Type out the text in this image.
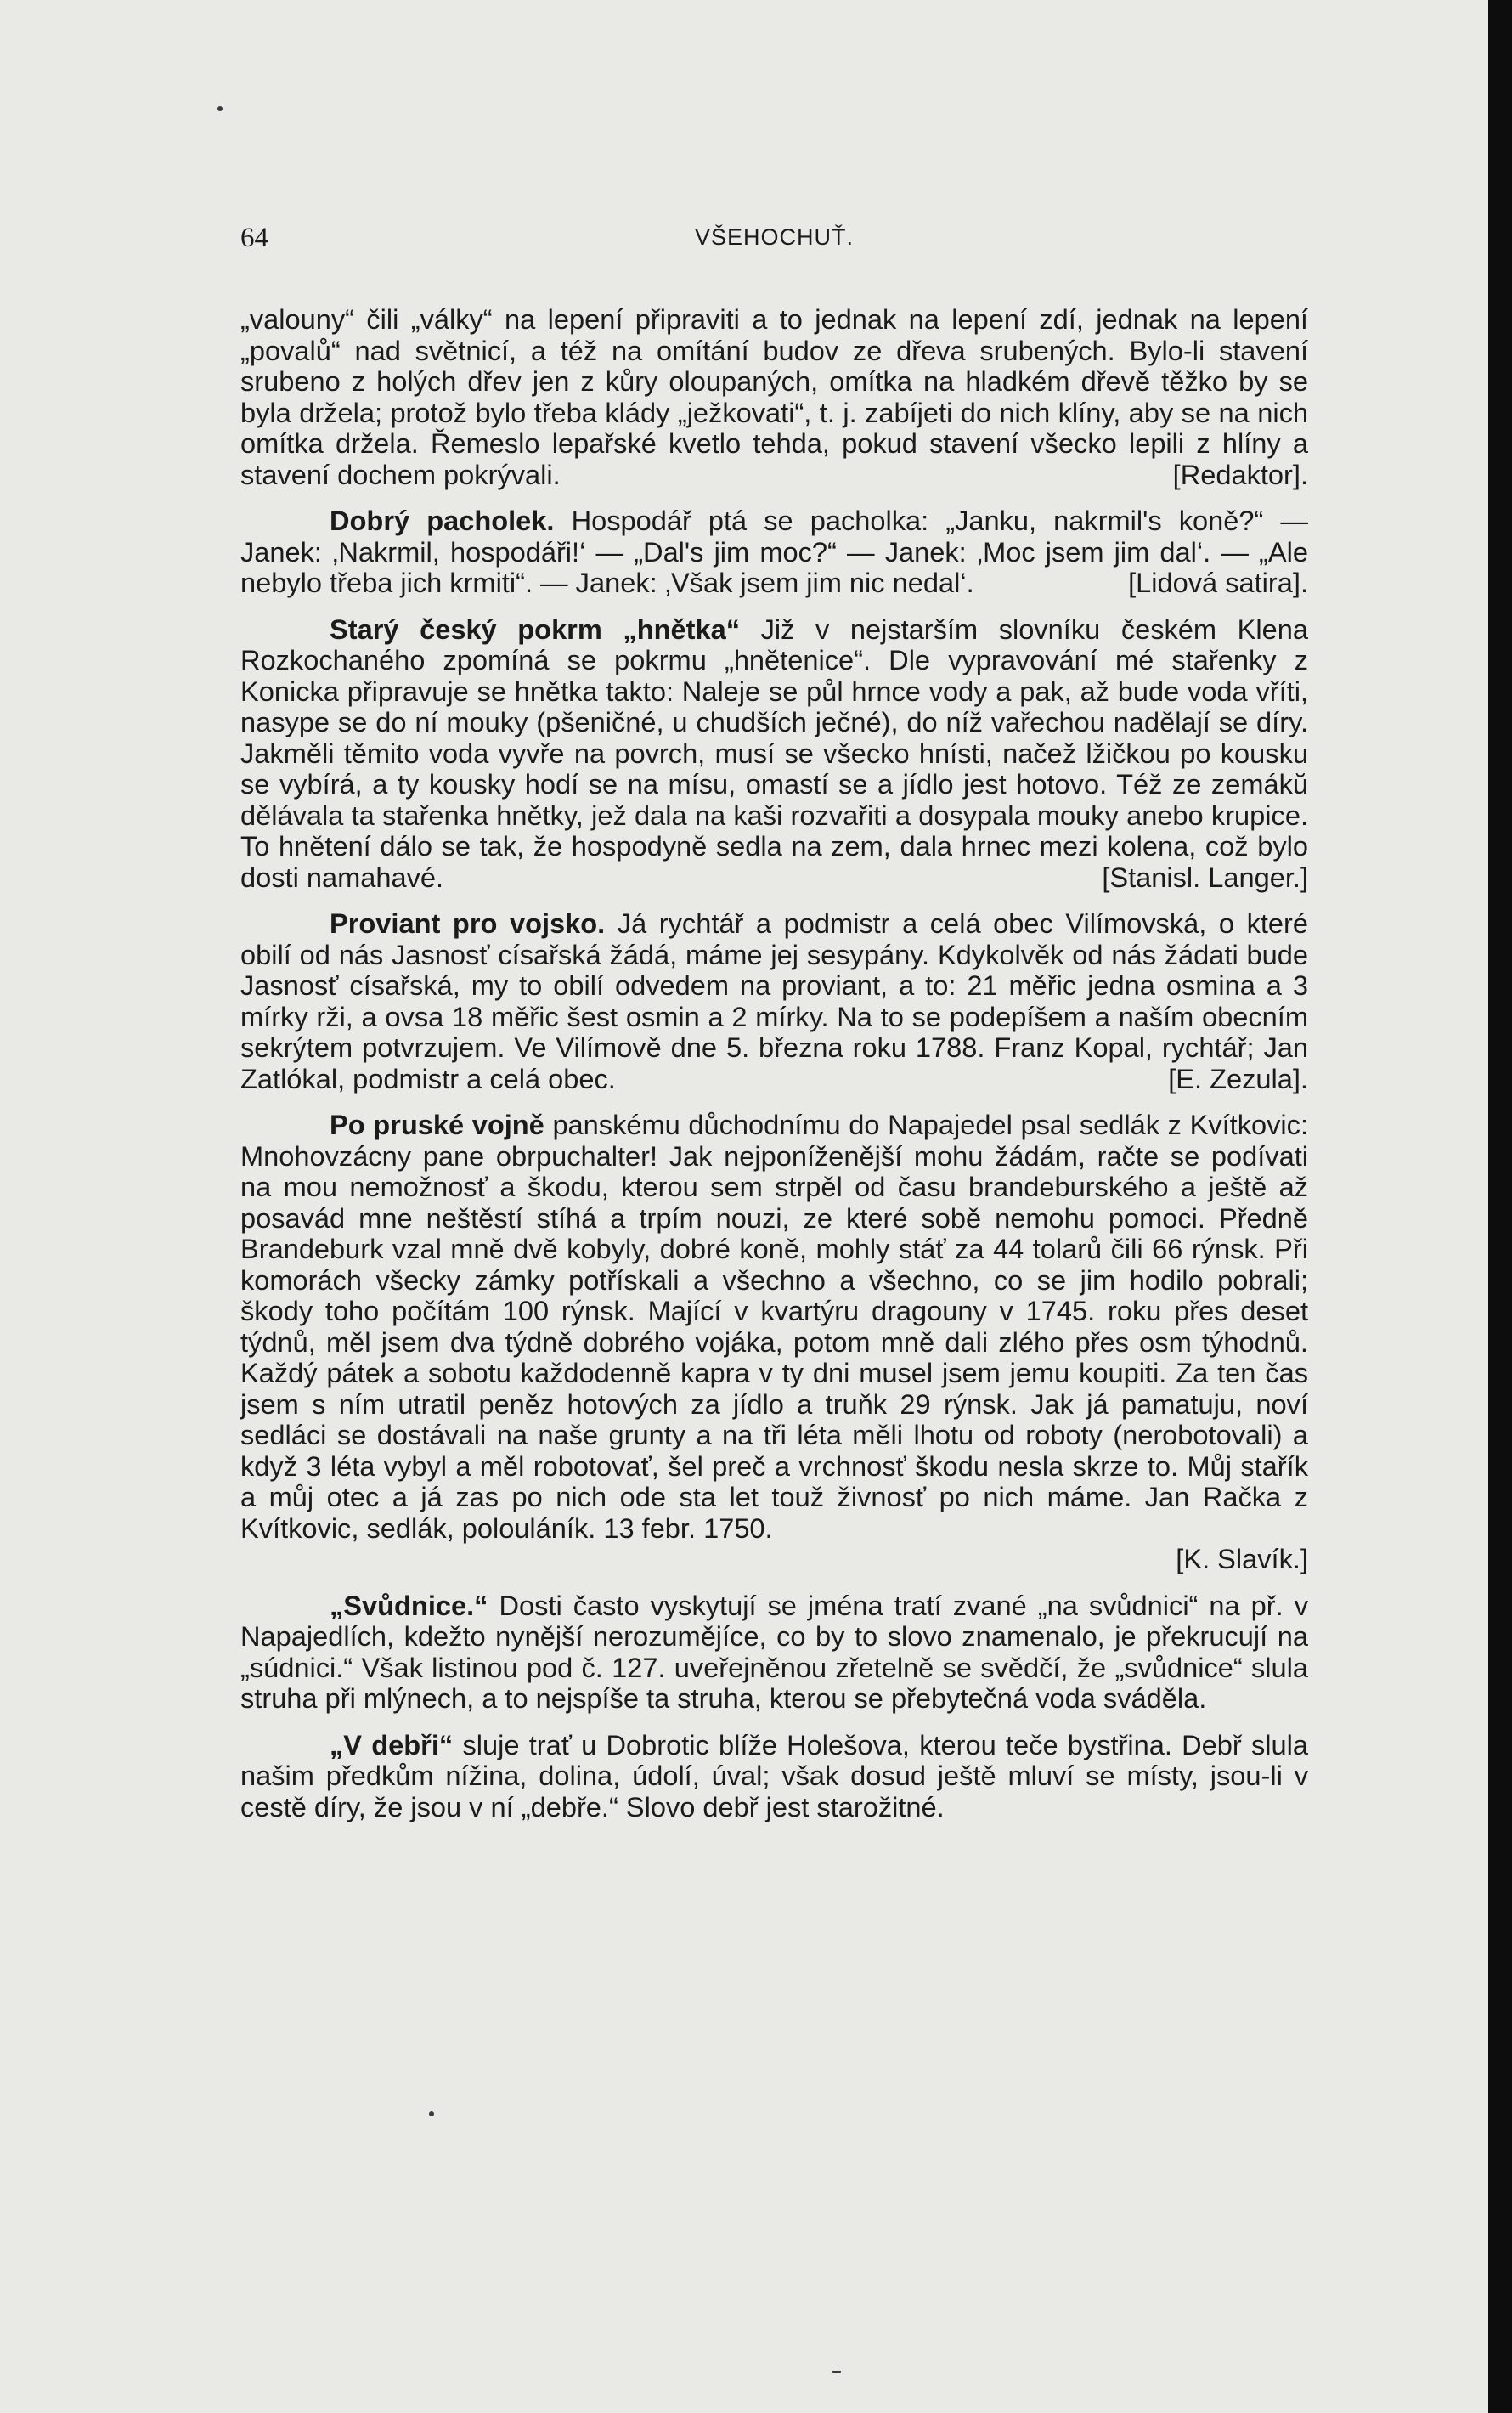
64	VŠEHOCHUŤ.

„valouny“ čili „války“ na lepení připraviti a to jednak na lepení zdí, jednak na lepení „povalů“ nad světnicí, a též na omítání budov ze dřeva srubených. Bylo-li stavení srubeno z holých dřev jen z kůry oloupaných, omítka na hladkém dřevě těžko by se byla držela; protož bylo třeba klády „ježkovati“, t. j. zabíjeti do nich klíny, aby se na nich omítka držela. Řemeslo lepařské kvetlo tehda, pokud stavení všecko lepili z hlíny a stavení dochem pokrývali.	[Redaktor].

Dobrý pacholek. Hospodář ptá se pacholka: „Janku, nakrmil's koně?“ — Janek: ‚Nakrmil, hospodáři!‘ — „Dal's jim moc?“ — Janek: ‚Moc jsem jim dal‘. — „Ale nebylo třeba jich krmiti“. — Janek: ‚Však jsem jim nic nedal‘.	[Lidová satira].

Starý český pokrm „hnětka“ Již v nejstarším slovníku českém Klena Rozkochaného zpomíná se pokrmu „hnětenice“. Dle vypravování mé stařenky z Konicka připravuje se hnětka takto: Naleje se půl hrnce vody a pak, až bude voda vříti, nasype se do ní mouky (pšeničné, u chudších ječné), do níž vařechou nadělají se díry. Jakměli těmito voda vyvře na povrch, musí se všecko hnísti, načež lžičkou po kousku se vybírá, a ty kousky hodí se na mísu, omastí se a jídlo jest hotovo. Též ze zemákŭ dělávala ta stařenka hnětky, jež dala na kaši rozvařiti a dosypala mouky anebo krupice. To hnětení dálo se tak, že hospodyně sedla na zem, dala hrnec mezi kolena, což bylo dosti namahavé.	[Stanisl. Langer.]

Proviant pro vojsko. Já rychtář a podmistr a celá obec Vilímovská, o které obilí od nás Jasnosť císařská žádá, máme jej sesypány. Kdykolvěk od nás žádati bude Jasnosť císařská, my to obilí odvedem na proviant, a to: 21 měřic jedna osmina a 3 mírky rži, a ovsa 18 měřic šest osmin a 2 mírky. Na to se podepíšem a naším obecním sekrýtem potvrzujem. Ve Vilímově dne 5. března roku 1788. Franz Kopal, rychtář; Jan Zatlókal, podmistr a celá obec.	[E. Zezula].

Po pruské vojně panskému důchodnímu do Napajedel psal sedlák z Kvítkovic: Mnohovzácny pane obrpuchalter! Jak nejponíženější mohu žádám, račte se podívati na mou nemožnosť a škodu, kterou sem strpěl od času brandeburského a ještě až posavád mne neštěstí stíhá a trpím nouzi, ze které sobě nemohu pomoci. Předně Brandeburk vzal mně dvě kobyly, dobré koně, mohly stáť za 44 tolarů čili 66 rýnsk. Při komorách všecky zámky potřískali a všechno a všechno, co se jim hodilo pobrali; škody toho počítám 100 rýnsk. Mající v kvartýru dragouny v 1745. roku přes deset týdnů, měl jsem dva týdně dobrého vojáka, potom mně dali zlého přes osm týhodnů. Každý pátek a sobotu každodenně kapra v ty dni musel jsem jemu koupiti. Za ten čas jsem s ním utratil peněz hotových za jídlo a truňk 29 rýnsk. Jak já pamatuju, noví sedláci se dostávali na naše grunty a na tři léta měli lhotu od roboty (nerobotovali) a když 3 léta vybyl a měl robotovať, šel preč a vrchnosť škodu nesla skrze to. Můj stařík a můj otec a já zas po nich ode sta let touž živnosť po nich máme. Jan Račka z Kvítkovic, sedlák, polouláník. 13 febr. 1750.
[K. Slavík.]

„Svůdnice.“ Dosti často vyskytují se jména tratí zvané „na svůdnici“ na př. v Napajedlích, kdežto nynější nerozumějíce, co by to slovo znamenalo, je překrucují na „súdnici.“ Však listinou pod č. 127. uveřejněnou zřetelně se svědčí, že „svůdnice“ slula struha při mlýnech, a to nejspíše ta struha, kterou se přebytečná voda sváděla.

„V debři“ sluje trať u Dobrotic blíže Holešova, kterou teče bystřina. Debř slula našim předkům nížina, dolina, údolí, úval; však dosud ještě mluví se místy, jsou-li v cestě díry, že jsou v ní „debře.“ Slovo debř jest starožitné.
